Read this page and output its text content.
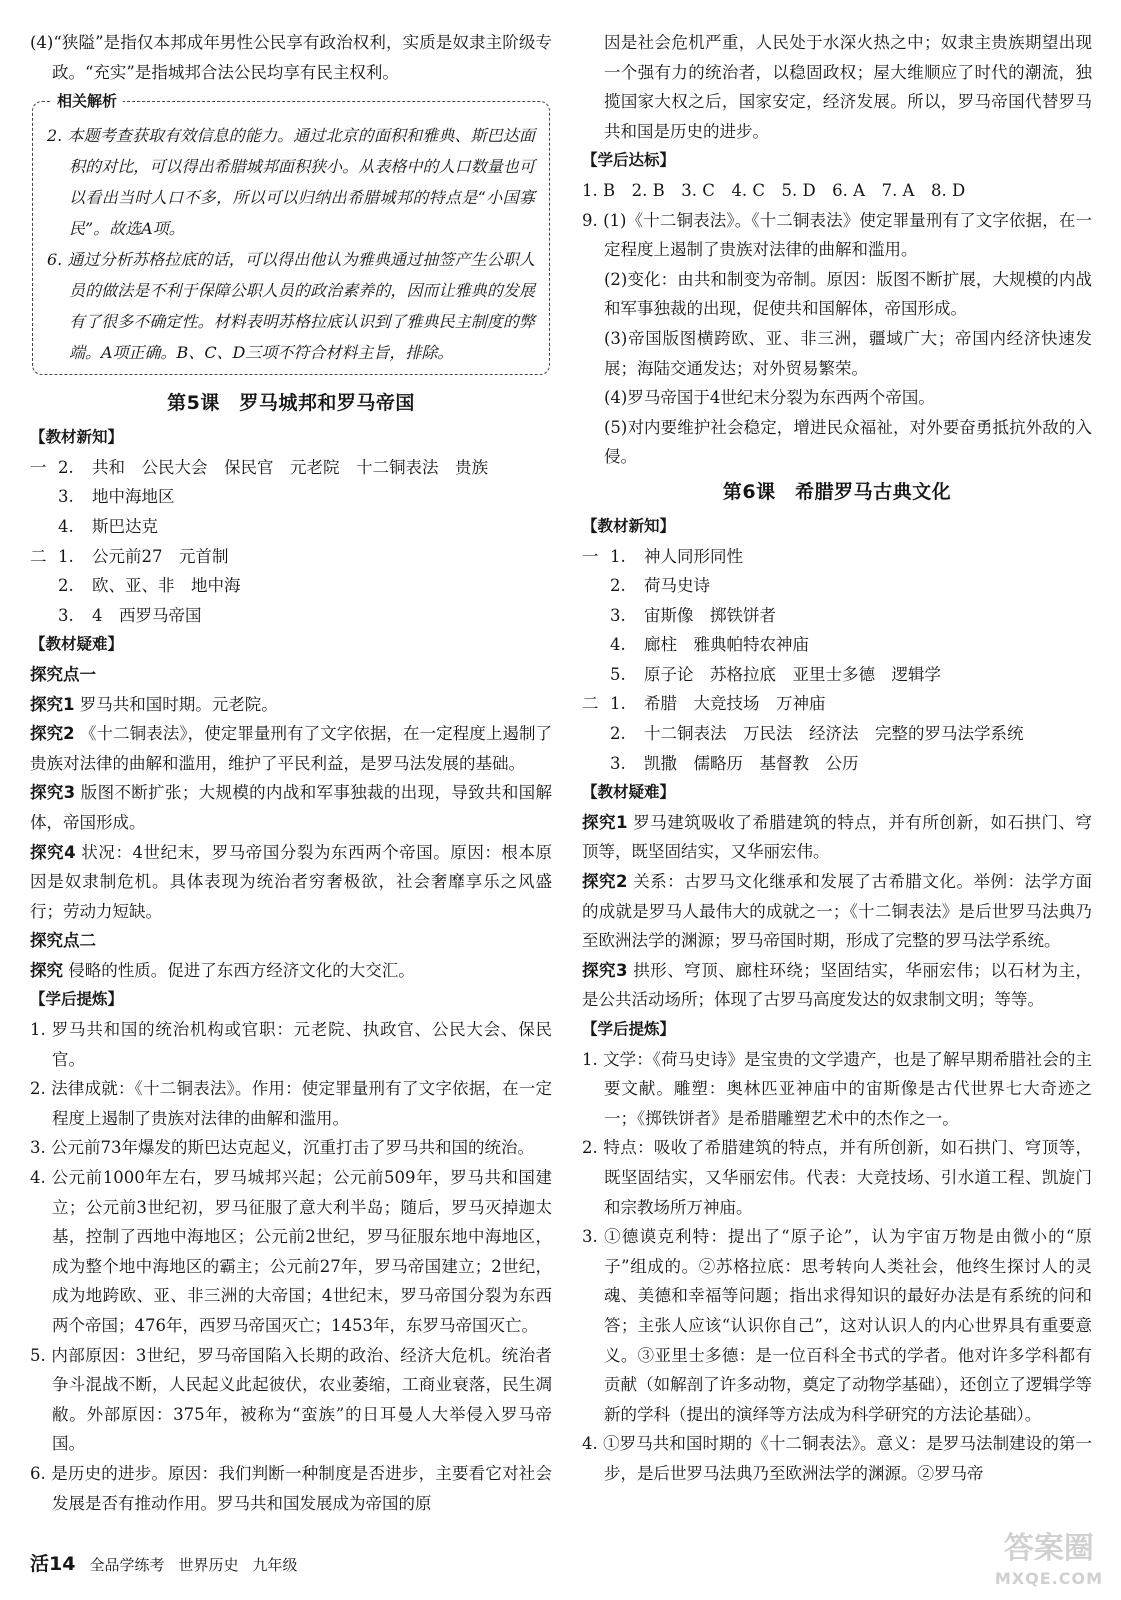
(4)“狭隘”是指仅本邦成年男性公民享有政治权利，实质是奴隶主阶级专政。“充实”是指城邦合法公民均享有民主权利。
相关解析
2. 本题考查获取有效信息的能力。通过北京的面积和雅典、斯巴达面积的对比，可以得出希腊城邦面积狭小。从表格中的人口数量也可以看出当时人口不多，所以可以归纳出希腊城邦的特点是“小国寡民”。故选A项。
6. 通过分析苏格拉底的话，可以得出他认为雅典通过抽签产生公职人员的做法是不利于保障公职人员的政治素养的，因而让雅典的发展有了很多不确定性。材料表明苏格拉底认识到了雅典民主制度的弊端。A项正确。B、C、D三项不符合材料主旨，排除。
第5课　罗马城邦和罗马帝国
【教材新知】
一 2.	共和　公民大会　保民官　元老院　十二铜表法　贵族
3.	地中海地区
4.	斯巴达克
二 1.	公元前27　元首制
2.	欧、亚、非　地中海
3.	4　西罗马帝国
【教材疑难】
探究点一
探究1 罗马共和国时期。元老院。
探究2 《十二铜表法》，使定罪量刑有了文字依据，在一定程度上遏制了贵族对法律的曲解和滥用，维护了平民利益，是罗马法发展的基础。
探究3 版图不断扩张；大规模的内战和军事独裁的出现，导致共和国解体，帝国形成。
探究4 状况：4世纪末，罗马帝国分裂为东西两个帝国。原因：根本原因是奴隶制危机。具体表现为统治者穷奢极欲，社会奢靡享乐之风盛行；劳动力短缺。
探究点二
探究 侵略的性质。促进了东西方经济文化的大交汇。
【学后提炼】
1. 罗马共和国的统治机构或官职：元老院、执政官、公民大会、保民官。
2. 法律成就：《十二铜表法》。作用：使定罪量刑有了文字依据，在一定程度上遏制了贵族对法律的曲解和滥用。
3. 公元前73年爆发的斯巴达克起义，沉重打击了罗马共和国的统治。
4. 公元前1000年左右，罗马城邦兴起；公元前509年，罗马共和国建立；公元前3世纪初，罗马征服了意大利半岛；随后，罗马灭掉迦太基，控制了西地中海地区；公元前2世纪，罗马征服东地中海地区，成为整个地中海地区的霸主；公元前27年，罗马帝国建立；2世纪，成为地跨欧、亚、非三洲的大帝国；4世纪末，罗马帝国分裂为东西两个帝国；476年，西罗马帝国灭亡；1453年，东罗马帝国灭亡。
5. 内部原因：3世纪，罗马帝国陷入长期的政治、经济大危机。统治者争斗混战不断，人民起义此起彼伏，农业萎缩，工商业衰落，民生凋敝。外部原因：375年，被称为“蛮族”的日耳曼人大举侵入罗马帝国。
6. 是历史的进步。原因：我们判断一种制度是否进步，主要看它对社会发展是否有推动作用。罗马共和国发展成为帝国的原
因是社会危机严重，人民处于水深火热之中；奴隶主贵族期望出现一个强有力的统治者，以稳固政权；屋大维顺应了时代的潮流，独揽国家大权之后，国家安定，经济发展。所以，罗马帝国代替罗马共和国是历史的进步。
【学后达标】
1. B　2. B　3. C　4. C　5. D　6. A　7. A　8. D
9. (1)《十二铜表法》。《十二铜表法》使定罪量刑有了文字依据，在一定程度上遏制了贵族对法律的曲解和滥用。
(2)变化：由共和制变为帝制。原因：版图不断扩展，大规模的内战和军事独裁的出现，促使共和国解体，帝国形成。
(3)帝国版图横跨欧、亚、非三洲，疆域广大；帝国内经济快速发展；海陆交通发达；对外贸易繁荣。
(4)罗马帝国于4世纪末分裂为东西两个帝国。
(5)对内要维护社会稳定，增进民众福祉，对外要奋勇抵抗外敌的入侵。
第6课　希腊罗马古典文化
【教材新知】
一 1.	神人同形同性
2.	荷马史诗
3.	宙斯像　掷铁饼者
4.	廊柱　雅典帕特农神庙
5.	原子论　苏格拉底　亚里士多德　逻辑学
二 1.	希腊　大竞技场　万神庙
2.	十二铜表法　万民法　经济法　完整的罗马法学系统
3.	凯撒　儒略历　基督教　公历
【教材疑难】
探究1 罗马建筑吸收了希腊建筑的特点，并有所创新，如石拱门、穹顶等，既坚固结实，又华丽宏伟。
探究2 关系：古罗马文化继承和发展了古希腊文化。举例：法学方面的成就是罗马人最伟大的成就之一；《十二铜表法》是后世罗马法典乃至欧洲法学的渊源；罗马帝国时期，形成了完整的罗马法学系统。
探究3 拱形、穹顶、廊柱环绕；坚固结实，华丽宏伟；以石材为主，是公共活动场所；体现了古罗马高度发达的奴隶制文明；等等。
【学后提炼】
1. 文学：《荷马史诗》是宝贵的文学遗产，也是了解早期希腊社会的主要文献。雕塑：奥林匹亚神庙中的宙斯像是古代世界七大奇迹之一；《掷铁饼者》是希腊雕塑艺术中的杰作之一。
2. 特点：吸收了希腊建筑的特点，并有所创新，如石拱门、穹顶等，既坚固结实，又华丽宏伟。代表：大竞技场、引水道工程、凯旋门和宗教场所万神庙。
3. ①德谟克利特：提出了“原子论”，认为宇宙万物是由微小的“原子”组成的。②苏格拉底：思考转向人类社会，他终生探讨人的灵魂、美德和幸福等问题；指出求得知识的最好办法是有系统的问和答；主张人应该“认识你自己”，这对认识人的内心世界具有重要意义。③亚里士多德：是一位百科全书式的学者。他对许多学科都有贡献（如解剖了许多动物，奠定了动物学基础），还创立了逻辑学等新的学科（提出的演绎等方法成为科学研究的方法论基础）。
4. ①罗马共和国时期的《十二铜表法》。意义：是罗马法制建设的第一步，是后世罗马法典乃至欧洲法学的渊源。②罗马帝
活14 全品学练考 世界历史 九年级	答案圈
MXQE.COM
